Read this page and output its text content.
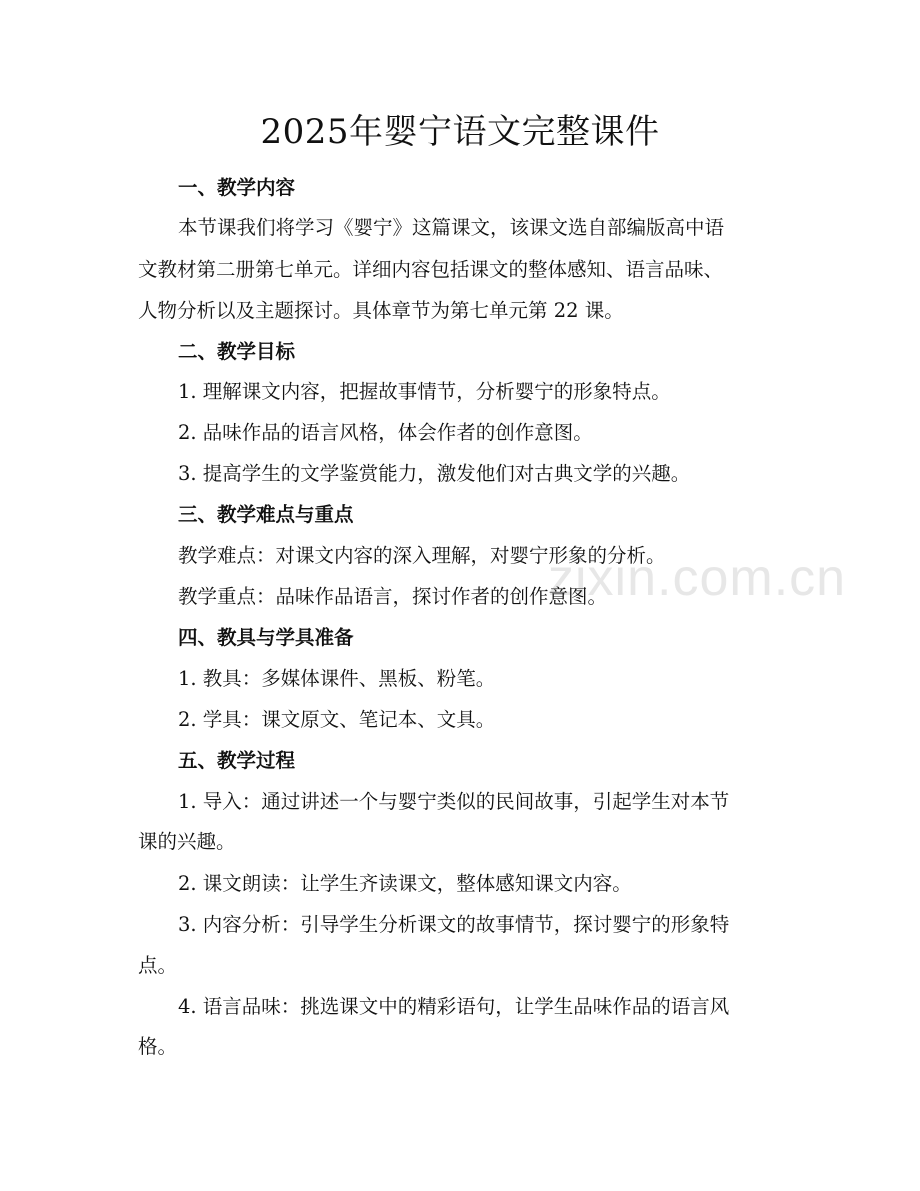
zixin.com.cn
2025年婴宁语文完整课件
一、教学内容
本节课我们将学习《婴宁》这篇课文，该课文选自部编版高中语
文教材第二册第七单元。详细内容包括课文的整体感知、语言品味、
人物分析以及主题探讨。具体章节为第七单元第 22 课。
二、教学目标
1. 理解课文内容，把握故事情节，分析婴宁的形象特点。
2. 品味作品的语言风格，体会作者的创作意图。
3. 提高学生的文学鉴赏能力，激发他们对古典文学的兴趣。
三、教学难点与重点
教学难点：对课文内容的深入理解，对婴宁形象的分析。
教学重点：品味作品语言，探讨作者的创作意图。
四、教具与学具准备
1. 教具：多媒体课件、黑板、粉笔。
2. 学具：课文原文、笔记本、文具。
五、教学过程
1. 导入：通过讲述一个与婴宁类似的民间故事，引起学生对本节
课的兴趣。
2. 课文朗读：让学生齐读课文，整体感知课文内容。
3. 内容分析：引导学生分析课文的故事情节，探讨婴宁的形象特
点。
4. 语言品味：挑选课文中的精彩语句，让学生品味作品的语言风
格。
